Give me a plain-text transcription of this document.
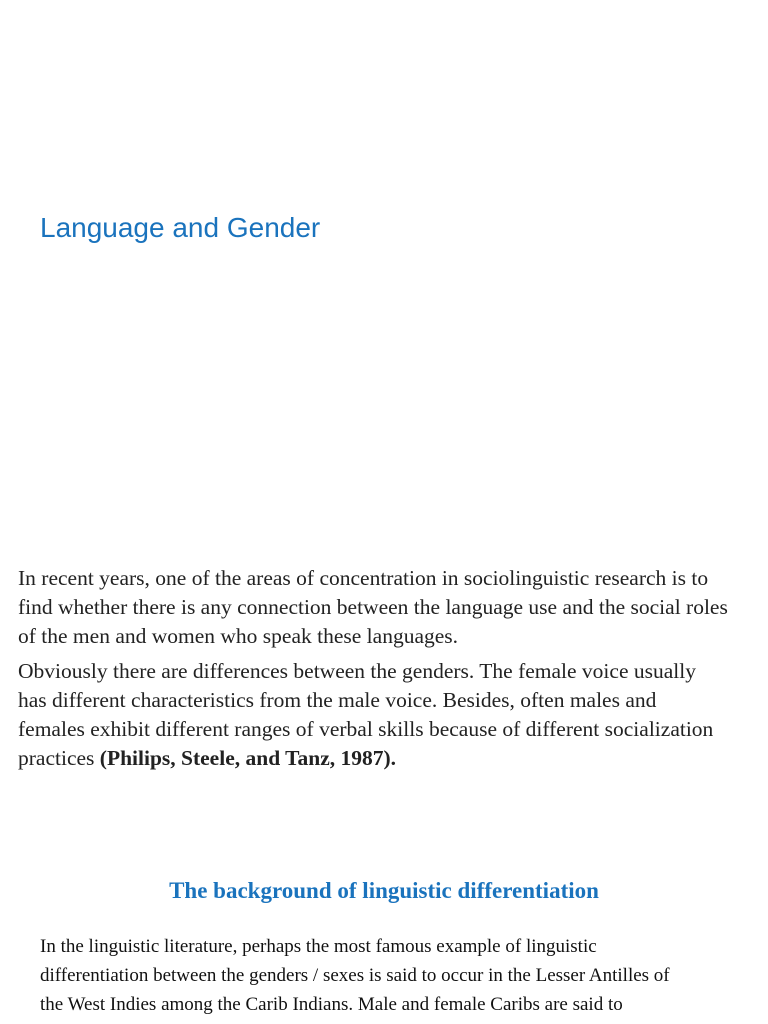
Language and Gender

In recent years, one of the areas of concentration in sociolinguistic research is to find whether there is any connection between the language use and the social roles of the men and women who speak these languages.

Obviously there are differences between the genders. The female voice usually has different characteristics from the male voice. Besides, often males and females exhibit different ranges of verbal skills because of different socialization practices (Philips, Steele, and Tanz, 1987).

The background of linguistic differentiation

In the linguistic literature, perhaps the most famous example of linguistic differentiation between the genders / sexes is said to occur in the Lesser Antilles of the West Indies among the Carib Indians. Male and female Caribs are said to
